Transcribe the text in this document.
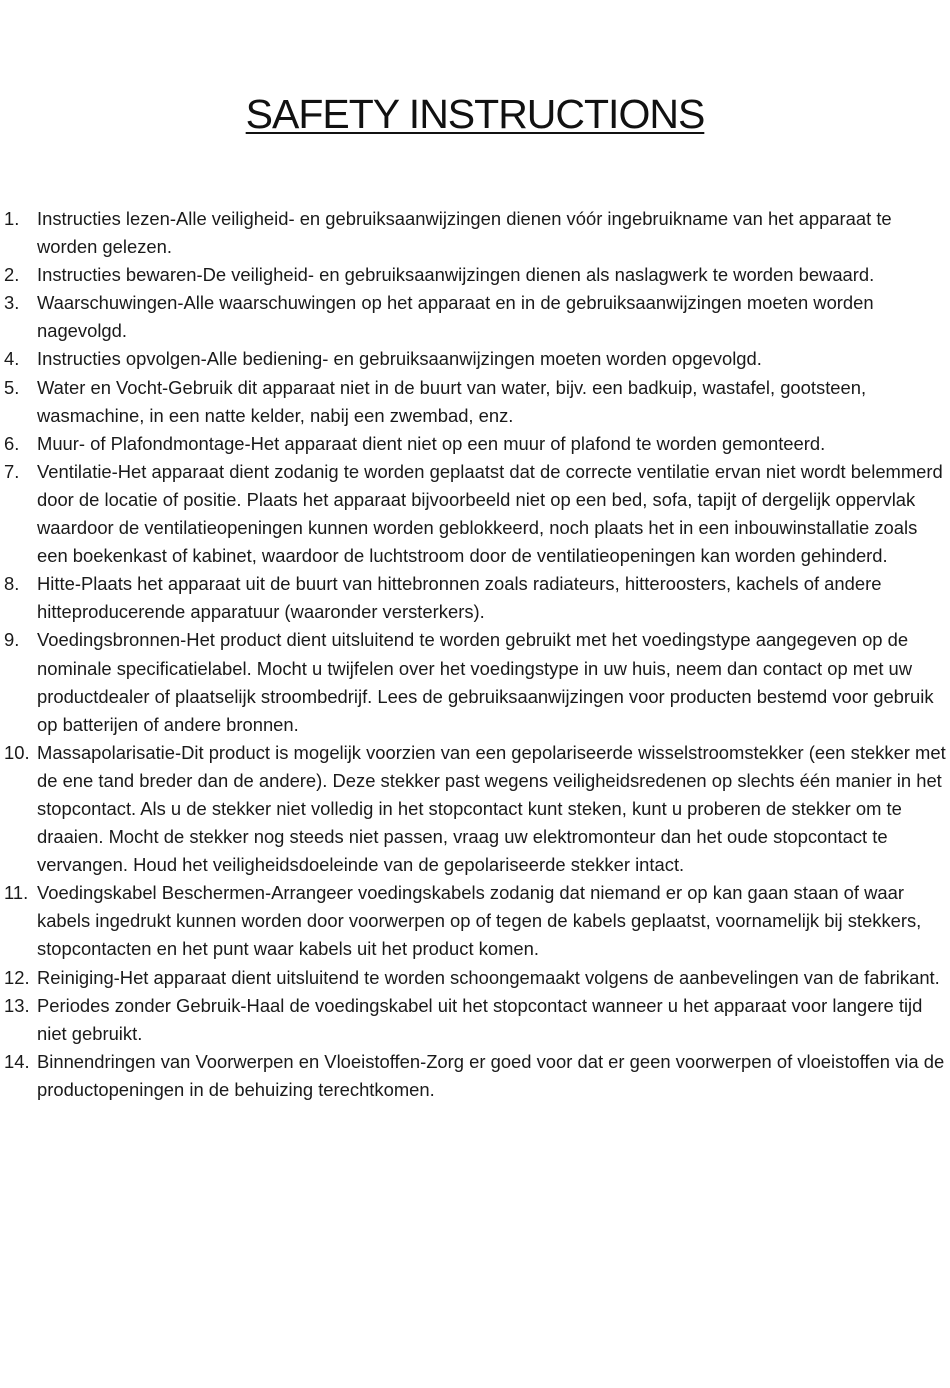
SAFETY INSTRUCTIONS
1. Instructies lezen-Alle veiligheid- en gebruiksaanwijzingen dienen vóór ingebruikname van het apparaat te worden gelezen.
2. Instructies bewaren-De veiligheid- en gebruiksaanwijzingen dienen als naslagwerk te worden bewaard.
3. Waarschuwingen-Alle waarschuwingen op het apparaat en in de gebruiksaanwijzingen moeten worden nagevolgd.
4. Instructies opvolgen-Alle bediening- en gebruiksaanwijzingen moeten worden opgevolgd.
5. Water en Vocht-Gebruik dit apparaat niet in de buurt van water, bijv. een badkuip, wastafel, gootsteen, wasmachine, in een natte kelder, nabij een zwembad, enz.
6. Muur- of Plafondmontage-Het apparaat dient niet op een muur of plafond te worden gemonteerd.
7. Ventilatie-Het apparaat dient zodanig te worden geplaatst dat de correcte ventilatie ervan niet wordt belemmerd door de locatie of positie. Plaats het apparaat bijvoorbeeld niet op een bed, sofa, tapijt of dergelijk oppervlak waardoor de ventilatieopeningen kunnen worden geblokkeerd, noch plaats het in een inbouwinstallatie zoals een boekenkast of kabinet, waardoor de luchtstroom door de ventilatieopeningen kan worden gehinderd.
8. Hitte-Plaats het apparaat uit de buurt van hittebronnen zoals radiateurs, hitteroosters, kachels of andere hitteproducerende apparatuur (waaronder versterkers).
9. Voedingsbronnen-Het product dient uitsluitend te worden gebruikt met het voedingstype aangegeven op de nominale specificatielabel. Mocht u twijfelen over het voedingstype in uw huis, neem dan contact op met uw productdealer of plaatselijk stroombedrijf. Lees de gebruiksaanwijzingen voor producten bestemd voor gebruik op batterijen of andere bronnen.
10. Massapolarisatie-Dit product is mogelijk voorzien van een gepolariseerde wisselstroomstekker (een stekker met de ene tand breder dan de andere). Deze stekker past wegens veiligheidsredenen op slechts één manier in het stopcontact. Als u de stekker niet volledig in het stopcontact kunt steken, kunt u proberen de stekker om te draaien. Mocht de stekker nog steeds niet passen, vraag uw elektromonteur dan het oude stopcontact te vervangen. Houd het veiligheidsdoeleinde van de gepolariseerde stekker intact.
11. Voedingskabel Beschermen-Arrangeer voedingskabels zodanig dat niemand er op kan gaan staan of waar kabels ingedrukt kunnen worden door voorwerpen op of tegen de kabels geplaatst, voornamelijk bij stekkers, stopcontacten en het punt waar kabels uit het product komen.
12. Reiniging-Het apparaat dient uitsluitend te worden schoongemaakt volgens de aanbevelingen van de fabrikant.
13. Periodes zonder Gebruik-Haal de voedingskabel uit het stopcontact wanneer u het apparaat voor langere tijd niet gebruikt.
14. Binnendringen van Voorwerpen en Vloeistoffen-Zorg er goed voor dat er geen voorwerpen of vloeistoffen via de productopeningen in de behuizing terechtkomen.
